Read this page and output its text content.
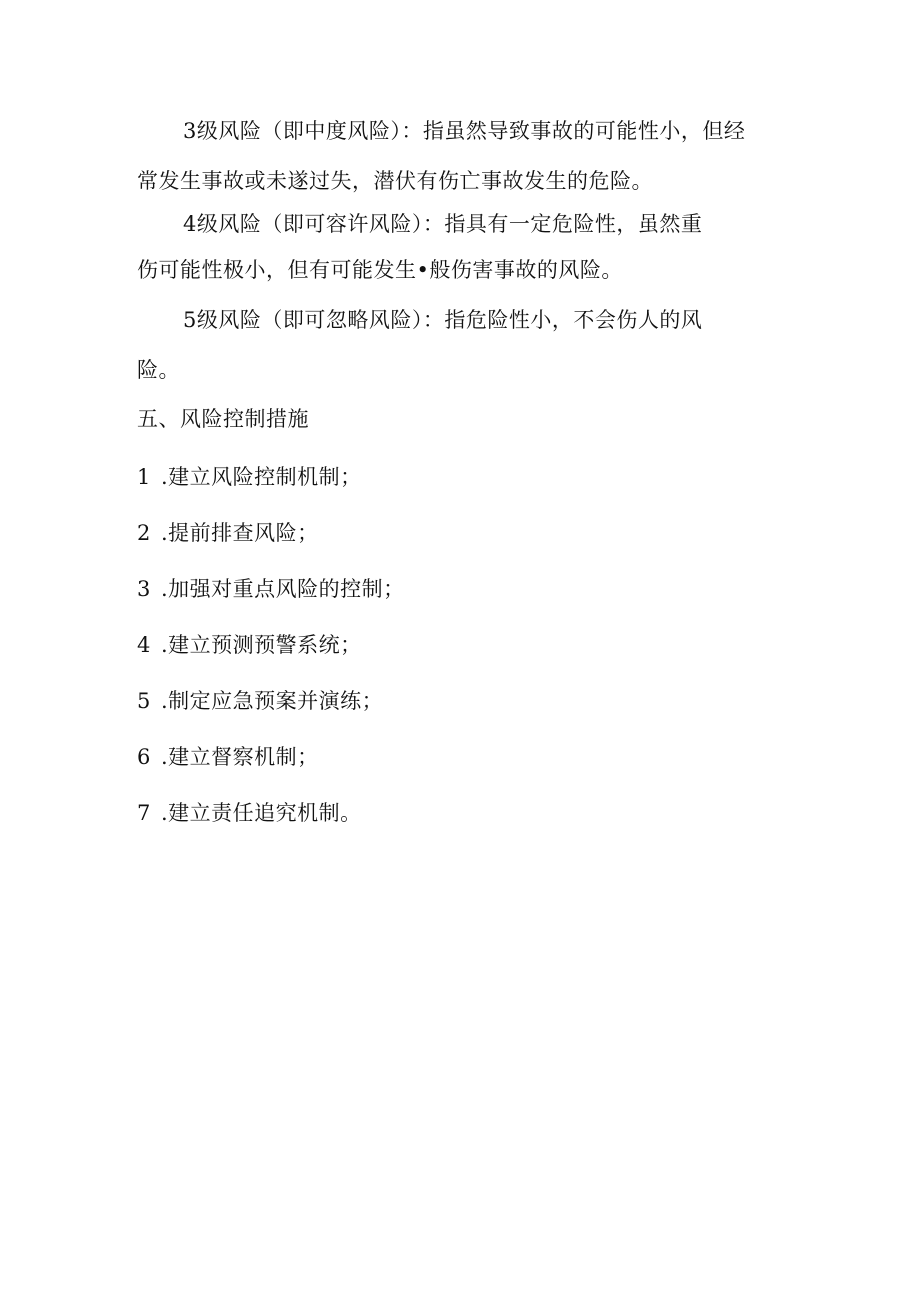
3级风险（即中度风险）：指虽然导致事故的可能性小，但经
常发生事故或未遂过失，潜伏有伤亡事故发生的危险。
4级风险（即可容许风险）：指具有一定危险性，虽然重
伤可能性极小，但有可能发生•般伤害事故的风险。
5级风险（即可忽略风险）：指危险性小，不会伤人的风
险。
五、风险控制措施
1 .建立风险控制机制；
2 .提前排查风险；
3 .加强对重点风险的控制；
4 .建立预测预警系统；
5 .制定应急预案并演练；
6 .建立督察机制；
7 .建立责任追究机制。
